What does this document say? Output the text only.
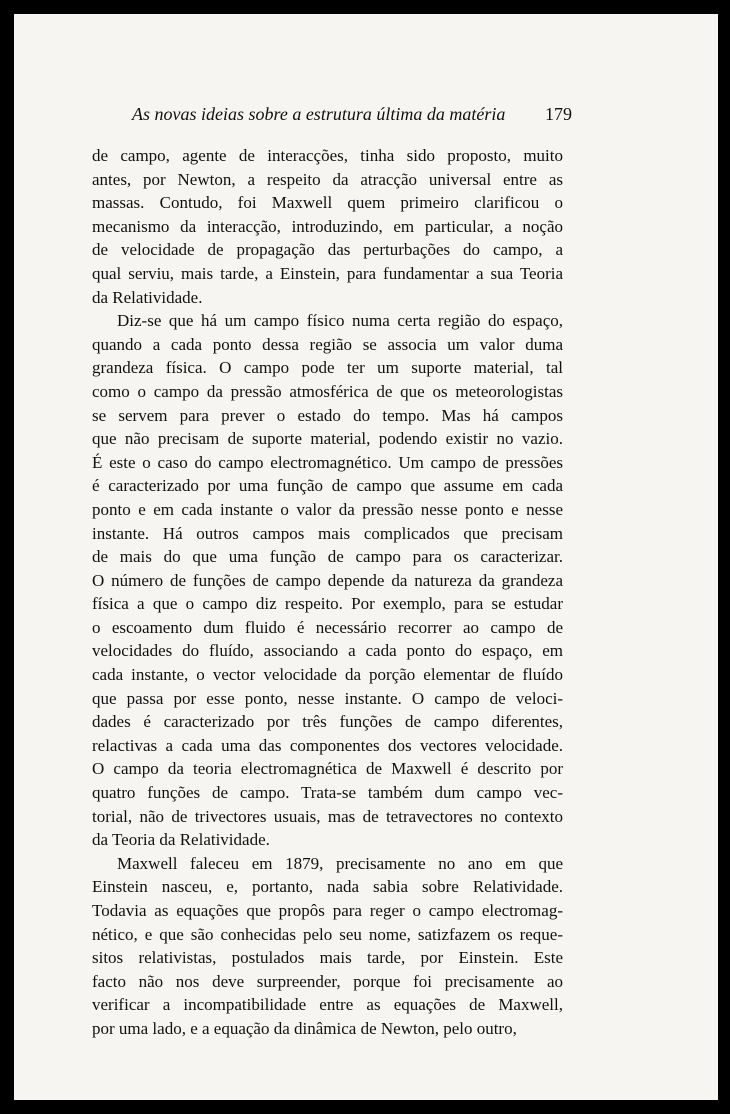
As novas ideias sobre a estrutura última da matéria 179
de campo, agente de interacções, tinha sido proposto, muito
antes, por Newton, a respeito da atracção universal entre as
massas. Contudo, foi Maxwell quem primeiro clarificou o
mecanismo da interacção, introduzindo, em particular, a noção
de velocidade de propagação das perturbações do campo, a
qual serviu, mais tarde, a Einstein, para fundamentar a sua Teoria
da Relatividade.
Diz-se que há um campo físico numa certa região do espaço,
quando a cada ponto dessa região se associa um valor duma
grandeza física. O campo pode ter um suporte material, tal
como o campo da pressão atmosférica de que os meteorologistas
se servem para prever o estado do tempo. Mas há campos
que não precisam de suporte material, podendo existir no vazio.
É este o caso do campo electromagnético. Um campo de pressões
é caracterizado por uma função de campo que assume em cada
ponto e em cada instante o valor da pressão nesse ponto e nesse
instante. Há outros campos mais complicados que precisam
de mais do que uma função de campo para os caracterizar.
O número de funções de campo depende da natureza da grandeza
física a que o campo diz respeito. Por exemplo, para se estudar
o escoamento dum fluido é necessário recorrer ao campo de
velocidades do fluído, associando a cada ponto do espaço, em
cada instante, o vector velocidade da porção elementar de fluído
que passa por esse ponto, nesse instante. O campo de veloci-
dades é caracterizado por três funções de campo diferentes,
relactivas a cada uma das componentes dos vectores velocidade.
O campo da teoria electromagnética de Maxwell é descrito por
quatro funções de campo. Trata-se também dum campo vec-
torial, não de trivectores usuais, mas de tetravectores no contexto
da Teoria da Relatividade.
Maxwell faleceu em 1879, precisamente no ano em que
Einstein nasceu, e, portanto, nada sabia sobre Relatividade.
Todavia as equações que propôs para reger o campo electromag-
nético, e que são conhecidas pelo seu nome, satizfazem os reque-
sitos relativistas, postulados mais tarde, por Einstein. Este
facto não nos deve surpreender, porque foi precisamente ao
verificar a incompatibilidade entre as equações de Maxwell,
por uma lado, e a equação da dinâmica de Newton, pelo outro,
